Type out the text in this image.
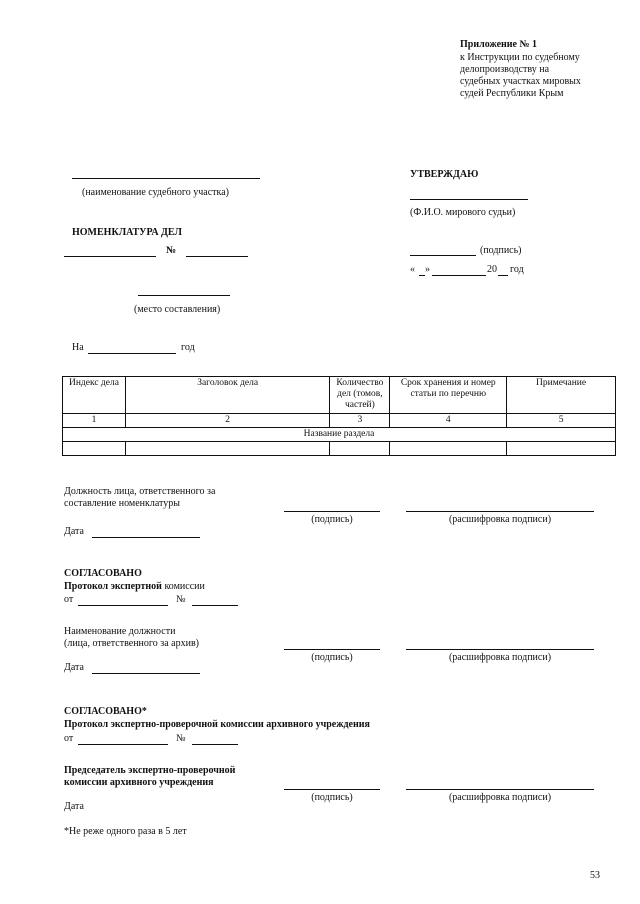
Приложение № 1
к Инструкции по судебному
делопроизводству на
судебных участках мировых
судей Республики Крым
(наименование судебного участка)
НОМЕНКЛАТУРА ДЕЛ
№
(место составления)
На	год
УТВЕРЖДАЮ
(Ф.И.О. мирового судьи)
(подпись)
« »	20 год
Индекс дела	Заголовок дела	Количество дел (томов, частей)	Срок хранения и номер статьи по перечню	Примечание
1	2	3	4	5
Название раздела				

Должность лица, ответственного за
составление номенклатуры
(подпись)	(расшифровка подписи)
Дата
СОГЛАСОВАНО
Протокол экспертной комиссии
от	№
Наименование должности
(лица, ответственного за архив)
(подпись)	(расшифровка подписи)
Дата
СОГЛАСОВАНО*
Протокол экспертно-проверочной комиссии архивного учреждения
от	№
Председатель экспертно-проверочной
комиссии архивного учреждения
(подпись)	(расшифровка подписи)
Дата
*Не реже одного раза в 5 лет
53
